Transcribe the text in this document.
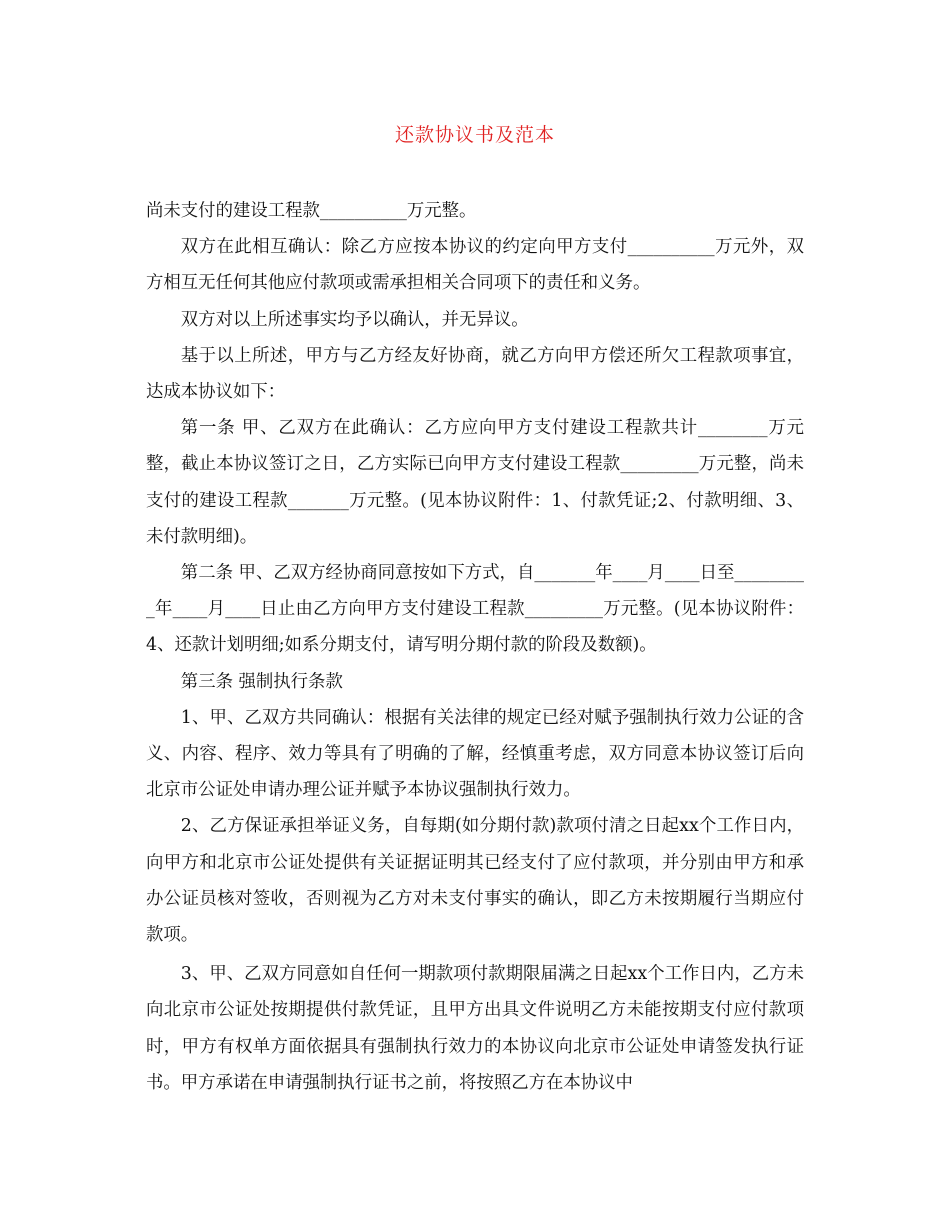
还款协议书及范本

尚未支付的建设工程款__________万元整。

双方在此相互确认：除乙方应按本协议的约定向甲方支付__________万元外，双方相互无任何其他应付款项或需承担相关合同项下的责任和义务。

双方对以上所述事实均予以确认，并无异议。

基于以上所述，甲方与乙方经友好协商，就乙方向甲方偿还所欠工程款项事宜，达成本协议如下：

第一条 甲、乙双方在此确认：乙方应向甲方支付建设工程款共计________万元整，截止本协议签订之日，乙方实际已向甲方支付建设工程款_________万元整，尚未支付的建设工程款_______万元整。(见本协议附件：1、付款凭证;2、付款明细、3、未付款明细)。

第二条 甲、乙双方经协商同意按如下方式，自_______年____月____日至_________年____月____日止由乙方向甲方支付建设工程款_________万元整。(见本协议附件：4、还款计划明细;如系分期支付，请写明分期付款的阶段及数额)。

第三条 强制执行条款

1、甲、乙双方共同确认：根据有关法律的规定已经对赋予强制执行效力公证的含义、内容、程序、效力等具有了明确的了解，经慎重考虑，双方同意本协议签订后向北京市公证处申请办理公证并赋予本协议强制执行效力。

2、乙方保证承担举证义务，自每期(如分期付款)款项付清之日起xx个工作日内，向甲方和北京市公证处提供有关证据证明其已经支付了应付款项，并分别由甲方和承办公证员核对签收，否则视为乙方对未支付事实的确认，即乙方未按期履行当期应付款项。

3、甲、乙双方同意如自任何一期款项付款期限届满之日起xx个工作日内，乙方未向北京市公证处按期提供付款凭证，且甲方出具文件说明乙方未能按期支付应付款项时，甲方有权单方面依据具有强制执行效力的本协议向北京市公证处申请签发执行证书。甲方承诺在申请强制执行证书之前，将按照乙方在本协议中
